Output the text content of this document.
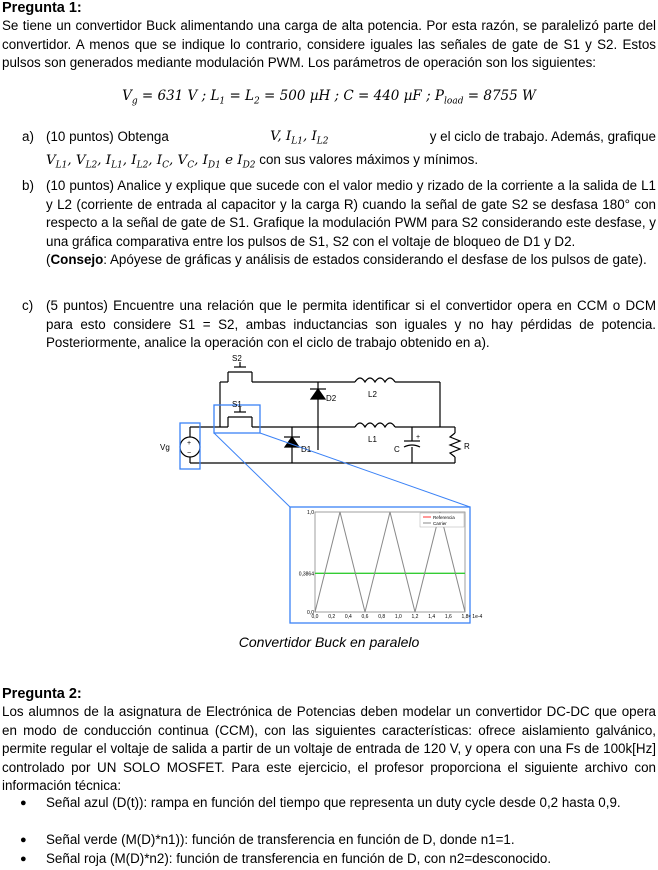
Pregunta 1:
Se tiene un convertidor Buck alimentando una carga de alta potencia. Por esta razón, se paralelizó parte del convertidor. A menos que se indique lo contrario, considere iguales las señales de gate de S1 y S2. Estos pulsos son generados mediante modulación PWM. Los parámetros de operación son los siguientes:
$V_g = 631$ V ; $L_1 = L_2 = 500$ µH ; C = 440 µF ; $P_{load} = 8755$ W
a) (10 puntos) Obtenga	V, $I_{L1}$, $I_{L2}$	y el ciclo de trabajo. Además, grafique
$V_{L1}$, $V_{L2}$, $I_{L1}$, $I_{L2}$, $I_C$, $V_C$, $I_{D1}$ e $I_{D2}$ con sus valores máximos y mínimos.
b) (10 puntos) Analice y explique que sucede con el valor medio y rizado de la corriente a la salida de L1 y L2 (corriente de entrada al capacitor y la carga R) cuando la señal de gate S2 se desfasa 180° con respecto a la señal de gate de S1. Grafique la modulación PWM para S2 considerando este desfase, y una gráfica comparativa entre los pulsos de S1, S2 con el voltaje de bloqueo de D1 y D2.
(Consejo: Apóyese de gráficas y análisis de estados considerando el desfase de los pulsos de gate).
c) (5 puntos) Encuentre una relación que le permita identificar si el convertidor opera en CCM o DCM para esto considere S1 = S2, ambas inductancias son iguales y no hay pérdidas de potencia. Posteriormente, analice la operación con el ciclo de trabajo obtenido en a).
S2
S1
L2
L1
D2
D1
Vg	C	R
+
−
+
1,0
0,3864
0,0
0,0 0,2 0,4 0,6 0,8 1,0 1,2 1,4 1,6 1,8 × 1e-4
Referencia
Carrier
Convertidor Buck en paralelo
Pregunta 2:
Los alumnos de la asignatura de Electrónica de Potencias deben modelar un convertidor DC-DC que opera en modo de conducción continua (CCM), con las siguientes características: ofrece aislamiento galvánico, permite regular el voltaje de salida a partir de un voltaje de entrada de 120 V, y opera con una Fs de 100k[Hz] controlado por UN SOLO MOSFET. Para este ejercicio, el profesor proporciona el siguiente archivo con información técnica:
● Señal azul (D(t)): rampa en función del tiempo que representa un duty cycle desde 0,2 hasta 0,9.
● Señal verde (M(D)*n1)): función de transferencia en función de D, donde n1=1.
● Señal roja (M(D)*n2): función de transferencia en función de D, con n2=desconocido.
